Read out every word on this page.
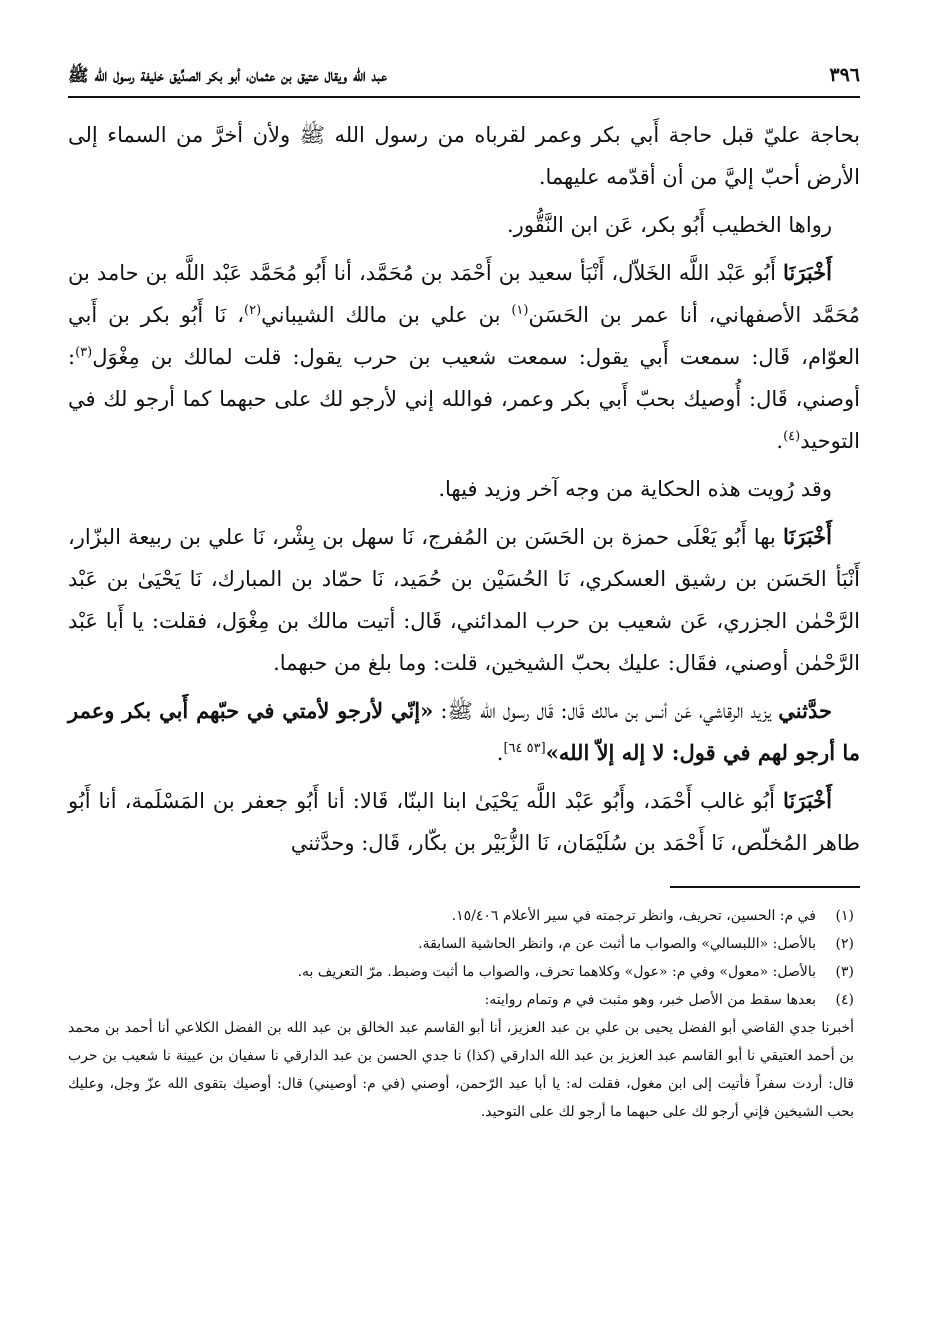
٣٩٦
عبد الله ويقال عتيق بن عثمان، أبو بكر الصدِّيق خليفة رسول الله ﷺ

بحاجة عليّ قبل حاجة أَبي بكر وعمر لقرباه من رسول الله ﷺ ولأن أخرَّ من السماء إلى الأرض أحبّ إليَّ من أن أقدّمه عليهما.

رواها الخطيب أَبُو بكر، عَن ابن النَّقُّور.

أَخْبَرَنَا أَبُو عَبْد اللَّه الخَلاّل، أَنْبَأ سعيد بن أَحْمَد بن مُحَمَّد، أنا أَبُو مُحَمَّد عَبْد اللَّه بن حامد بن مُحَمَّد الأصفهاني، أنا عمر بن الحَسَن$^{(١)}$ بن علي بن مالك الشيباني$^{(٢)}$، نَا أَبُو بكر بن أَبي العوّام، قَال: سمعت أَبي يقول: سمعت شعيب بن حرب يقول: قلت لمالك بن مِغْوَل$^{(٣)}$: أوصني، قَال: أُوصيك بحبّ أَبي بكر وعمر، فوالله إني لأرجو لك على حبهما كما أرجو لك في التوحيد$^{(٤)}$.

وقد رُويت هذه الحكاية من وجه آخر وزيد فيها.

أَخْبَرَنَا بها أَبُو يَعْلَى حمزة بن الحَسَن بن المُفرج، نَا سهل بن بِشْر، نَا علي بن ربيعة البزّار، أَنْبَأ الحَسَن بن رشيق العسكري، نَا الحُسَيْن بن حُمَيد، نَا حمّاد بن المبارك، نَا يَحْيَىٰ بن عَبْد الرَّحْمٰن الجزري، عَن شعيب بن حرب المدائني، قَال: أتيت مالك بن مِغْوَل، فقلت: يا أَبا عَبْد الرَّحْمٰن أوصني، فقَال: عليك بحبّ الشيخين، قلت: وما بلغ من حبهما.

حدَّثني يزيد الرقاشي، عَن أنس بن مالك قَال: قَال رسول الله ﷺ: «إنّي لأرجو لأمتي في حبّهم أَبي بكر وعمر ما أرجو لهم في قول: لا إله إلاّ الله»[٥٣ ٦٤].

أَخْبَرَنَا أَبُو غالب أَحْمَد، وأَبُو عَبْد اللَّه يَحْيَىٰ ابنا البنّا، قَالا: أنا أَبُو جعفر بن المَسْلَمة، أنا أَبُو طاهر المُخلّص، نَا أَحْمَد بن سُلَيْمَان، نَا الزُّبَيْر بن بكّار، قَال: وحدَّثني

(١)
في م: الحسين، تحريف، وانظر ترجمته في سير الأعلام ١٥/٤٠٦.
(٢)
بالأصل: «اللبسالي» والصواب ما أثبت عن م، وانظر الحاشية السابقة.
(٣)
بالأصل: «معول» وفي م: «عول» وكلاهما تحرف، والصواب ما أثبت وضبط. مرّ التعريف به.
(٤)
بعدها سقط من الأصل خبر، وهو مثبت في م وتمام روايته:
أخبرنا جدي القاضي أبو الفضل يحيى بن علي بن عبد العزيز، أنا أبو القاسم عبد الخالق بن عبد الله بن الفضل الكلاعي أنا أحمد بن محمد بن أحمد العتيقي نا أبو القاسم عبد العزيز بن عبد الله الدارقي (كذا) نا جدي الحسن بن عبد الدارقي نا سفيان بن عيينة نا شعيب بن حرب قال: أردت سفراً فأتيت إلى ابن مغول، فقلت له: يا أبا عبد الرّحمن، أوصني (في م: أوصيني) قال: أوصيك بتقوى الله عزّ وجل، وعليك بحب الشيخين فإني أرجو لك على حبهما ما أرجو لك على التوحيد.
